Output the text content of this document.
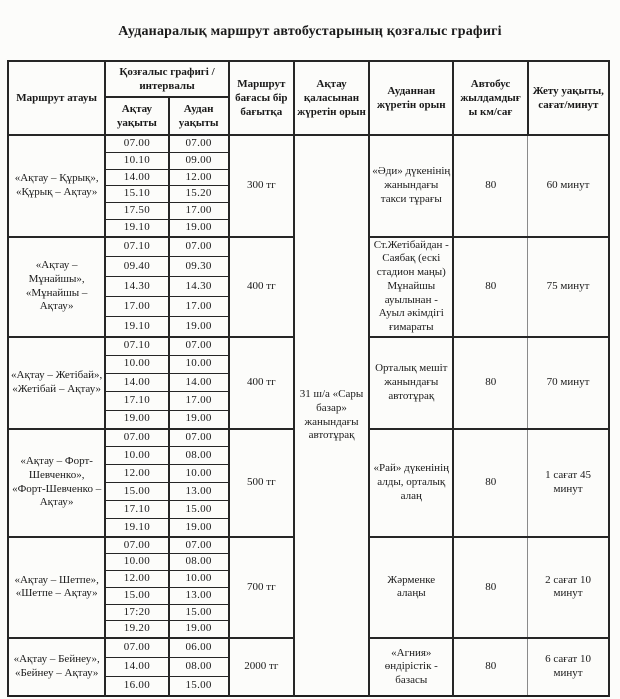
Ауданаралық маршрут автобустарының қозғалыс графигі
Маршрут атауы	Қозғалыс графигі / интервалы		Маршрут бағасы бір бағытқа	Ақтау қаласынан жүретін орын	Ауданнан жүретін орын	Автобус жылдамдығы км/сағ	Жету уақыты, сағат/минут
	Ақтау уақыты	Аудан уақыты					
«Ақтау – Құрық», «Құрық – Ақтау»	07.00	07.00	300 тг	31 ш/а «Сары базар» жанындағы автотұрақ	«Әди» дүкенінің жанындағы такси тұрағы	80	60 минут
	10.10	09.00					
	14.00	12.00					
	15.10	15.20					
	17.50	17.00					
	19.10	19.00					
«Ақтау – Мұнайшы», «Мұнайшы – Ақтау»	07.10	07.00	400 тг		Ст.Жетібайдан - Саябақ (ескі стадион маңы) Мұнайшы ауылынан - Ауыл әкімдігі ғимараты	80	75 минут
	09.40	09.30					
	14.30	14.30					
	17.00	17.00					
	19.10	19.00					
«Ақтау – Жетібай», «Жетібай – Ақтау»	07.10	07.00	400 тг		Орталық мешіт жанындағы автотұрақ	80	70 минут
	10.00	10.00					
	14.00	14.00					
	17.10	17.00					
	19.00	19.00					
«Ақтау – Форт-Шевченко», «Форт-Шевченко – Ақтау»	07.00	07.00	500 тг		«Рай» дүкенінің алды, орталық алаң	80	1 сағат 45 минут
	10.00	08.00					
	12.00	10.00					
	15.00	13.00					
	17.10	15.00					
	19.10	19.00					
«Ақтау – Шетпе», «Шетпе – Ақтау»	07.00	07.00	700 тг		Жәрменке алаңы	80	2 сағат 10 минут
	10.00	08.00					
	12.00	10.00					
	15.00	13.00					
	17:20	15.00					
	19.20	19.00					
«Ақтау – Бейнеу», «Бейнеу – Ақтау»	07.00	06.00	2000 тг		«Агния» өндірістік - базасы	80	6 сағат 10 минут
	14.00	08.00					
	16.00	15.00					
